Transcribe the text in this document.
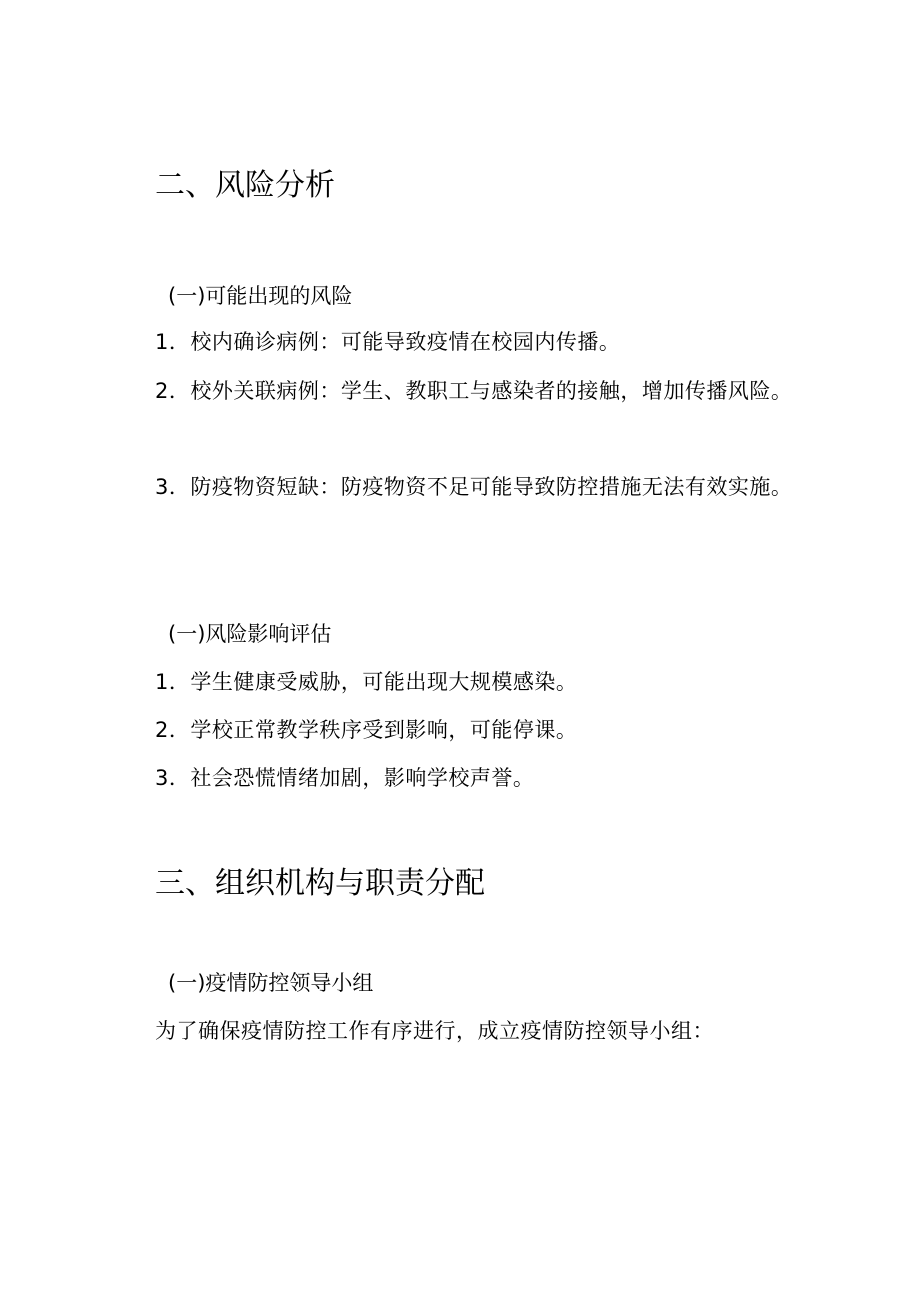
二、风险分析
(一)可能出现的风险

1．校内确诊病例：可能导致疫情在校园内传播。

2．校外关联病例：学生、教职工与感染者的接触，增加传播风险。

3．防疫物资短缺：防疫物资不足可能导致防控措施无法有效实施。

(一)风险影响评估

1．学生健康受威胁，可能出现大规模感染。

2．学校正常教学秩序受到影响，可能停课。

3．社会恐慌情绪加剧，影响学校声誉。

三、组织机构与职责分配
(一)疫情防控领导小组

为了确保疫情防控工作有序进行，成立疫情防控领导小组：
